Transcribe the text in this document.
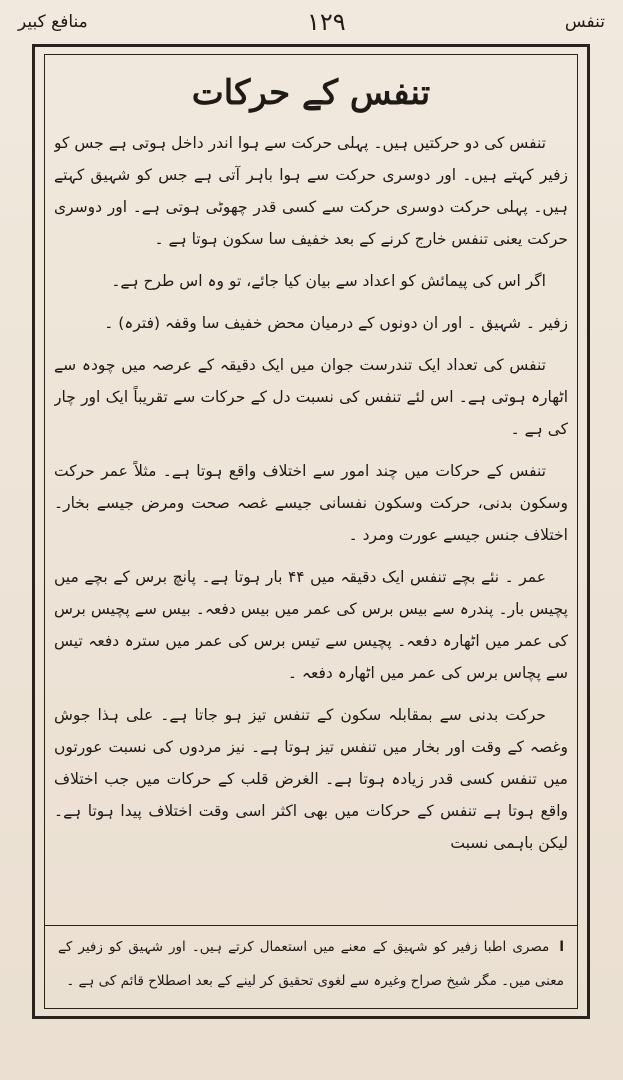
تنفس
۱۲۹
منافع کبیر
تنفس کے حرکات

تنفس کی دو حرکتیں ہیں۔ پہلی حرکت سے ہوا اندر داخل ہوتی ہے جس کو زفیر کہتے ہیں۔ اور دوسری حرکت سے ہوا باہر آتی ہے جس کو شہیق کہتے ہیں۔ پہلی حرکت دوسری حرکت سے کسی قدر چھوٹی ہوتی ہے۔ اور دوسری حرکت یعنی تنفس خارج کرنے کے بعد خفیف سا سکون ہوتا ہے ۔

اگر اس کی پیمائش کو اعداد سے بیان کیا جائے، تو وہ اس طرح ہے۔

زفیر ۔ شہیق ۔ اور ان دونوں کے درمیان محض خفیف سا وقفہ (فترہ) ۔

تنفس کی تعداد ایک تندرست جوان میں ایک دقیقہ کے عرصہ میں چودہ سے اٹھارہ ہوتی ہے۔ اس لئے تنفس کی نسبت دل کے حرکات سے تقریباً ایک اور چار کی ہے ۔

تنفس کے حرکات میں چند امور سے اختلاف واقع ہوتا ہے۔ مثلاً عمر حرکت وسکون بدنی، حرکت وسکون نفسانی جیسے غصہ صحت ومرض جیسے بخار۔ اختلاف جنس جیسے عورت ومرد ۔

عمر ۔ نئے بچے تنفس ایک دقیقہ میں ۴۴ بار ہوتا ہے۔ پانچ برس کے بچے میں پچیس بار۔ پندرہ سے بیس برس کی عمر میں بیس دفعہ۔ بیس سے پچیس برس کی عمر میں اٹھارہ دفعہ۔ پچیس سے تیس برس کی عمر میں سترہ دفعہ تیس سے پچاس برس کی عمر میں اٹھارہ دفعہ ۔

حرکت بدنی سے بمقابلہ سکون کے تنفس تیز ہو جاتا ہے۔ علی ہذا جوش وغصہ کے وقت اور بخار میں تنفس تیز ہوتا ہے۔ نیز مردوں کی نسبت عورتوں میں تنفس کسی قدر زیادہ ہوتا ہے۔ الغرض قلب کے حرکات میں جب اختلاف واقع ہوتا ہے تنفس کے حرکات میں بھی اکثر اسی وقت اختلاف پیدا ہوتا ہے۔ لیکن باہمی نسبت

ا مصری اطبا زفیر کو شہیق کے معنے میں استعمال کرتے ہیں۔ اور شہیق کو زفیر کے معنی میں۔ مگر شیخ صراح وغیرہ سے لغوی تحقیق کر لینے کے بعد اصطلاح قائم کی ہے ۔
